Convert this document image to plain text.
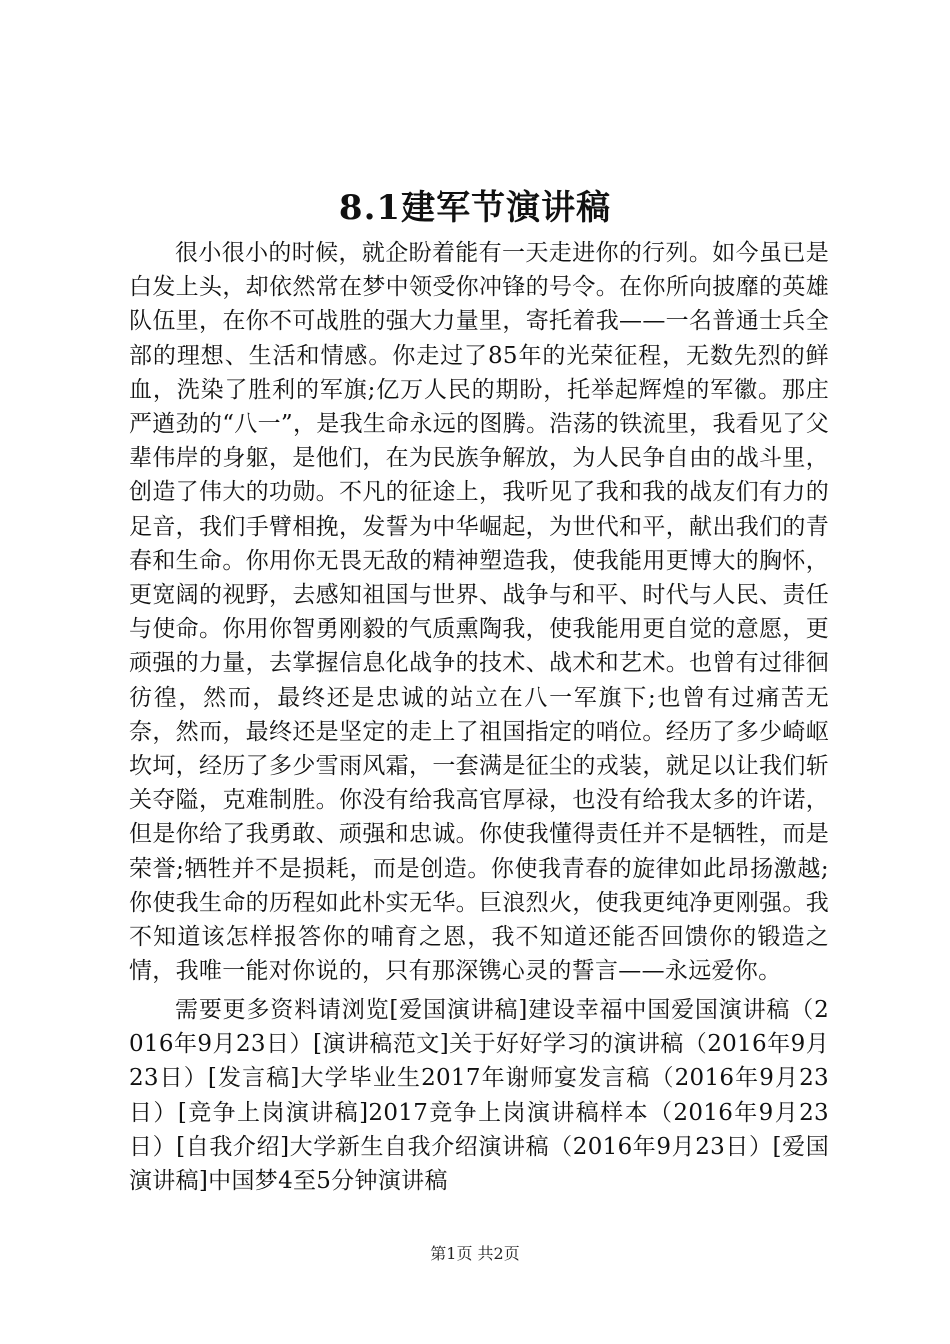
8.1建军节演讲稿

很小很小的时候，就企盼着能有一天走进你的行列。如今虽已是白发上头，却依然常在梦中领受你冲锋的号令。在你所向披靡的英雄队伍里，在你不可战胜的强大力量里，寄托着我——一名普通士兵全部的理想、生活和情感。你走过了85年的光荣征程，无数先烈的鲜血，洗染了胜利的军旗;亿万人民的期盼，托举起辉煌的军徽。那庄严遒劲的“八一”，是我生命永远的图腾。浩荡的铁流里，我看见了父辈伟岸的身躯，是他们，在为民族争解放，为人民争自由的战斗里，创造了伟大的功勋。不凡的征途上，我听见了我和我的战友们有力的足音，我们手臂相挽，发誓为中华崛起，为世代和平，献出我们的青春和生命。你用你无畏无敌的精神塑造我，使我能用更博大的胸怀，更宽阔的视野，去感知祖国与世界、战争与和平、时代与人民、责任与使命。你用你智勇刚毅的气质熏陶我，使我能用更自觉的意愿，更顽强的力量，去掌握信息化战争的技术、战术和艺术。也曾有过徘徊彷徨，然而，最终还是忠诚的站立在八一军旗下;也曾有过痛苦无奈，然而，最终还是坚定的走上了祖国指定的哨位。经历了多少崎岖坎坷，经历了多少雪雨风霜，一套满是征尘的戎装，就足以让我们斩关夺隘，克难制胜。你没有给我高官厚禄，也没有给我太多的许诺，但是你给了我勇敢、顽强和忠诚。你使我懂得责任并不是牺牲，而是荣誉;牺牲并不是损耗，而是创造。你使我青春的旋律如此昂扬激越;你使我生命的历程如此朴实无华。巨浪烈火，使我更纯净更刚强。我不知道该怎样报答你的哺育之恩，我不知道还能否回馈你的锻造之情，我唯一能对你说的，只有那深镌心灵的誓言——永远爱你。

需要更多资料请浏览[爱国演讲稿]建设幸福中国爱国演讲稿（2016年9月23日）[演讲稿范文]关于好好学习的演讲稿（2016年9月23日）[发言稿]大学毕业生2017年谢师宴发言稿（2016年9月23日）[竞争上岗演讲稿]2017竞争上岗演讲稿样本（2016年9月23日）[自我介绍]大学新生自我介绍演讲稿（2016年9月23日）[爱国演讲稿]中国梦4至5分钟演讲稿

第1页 共2页
